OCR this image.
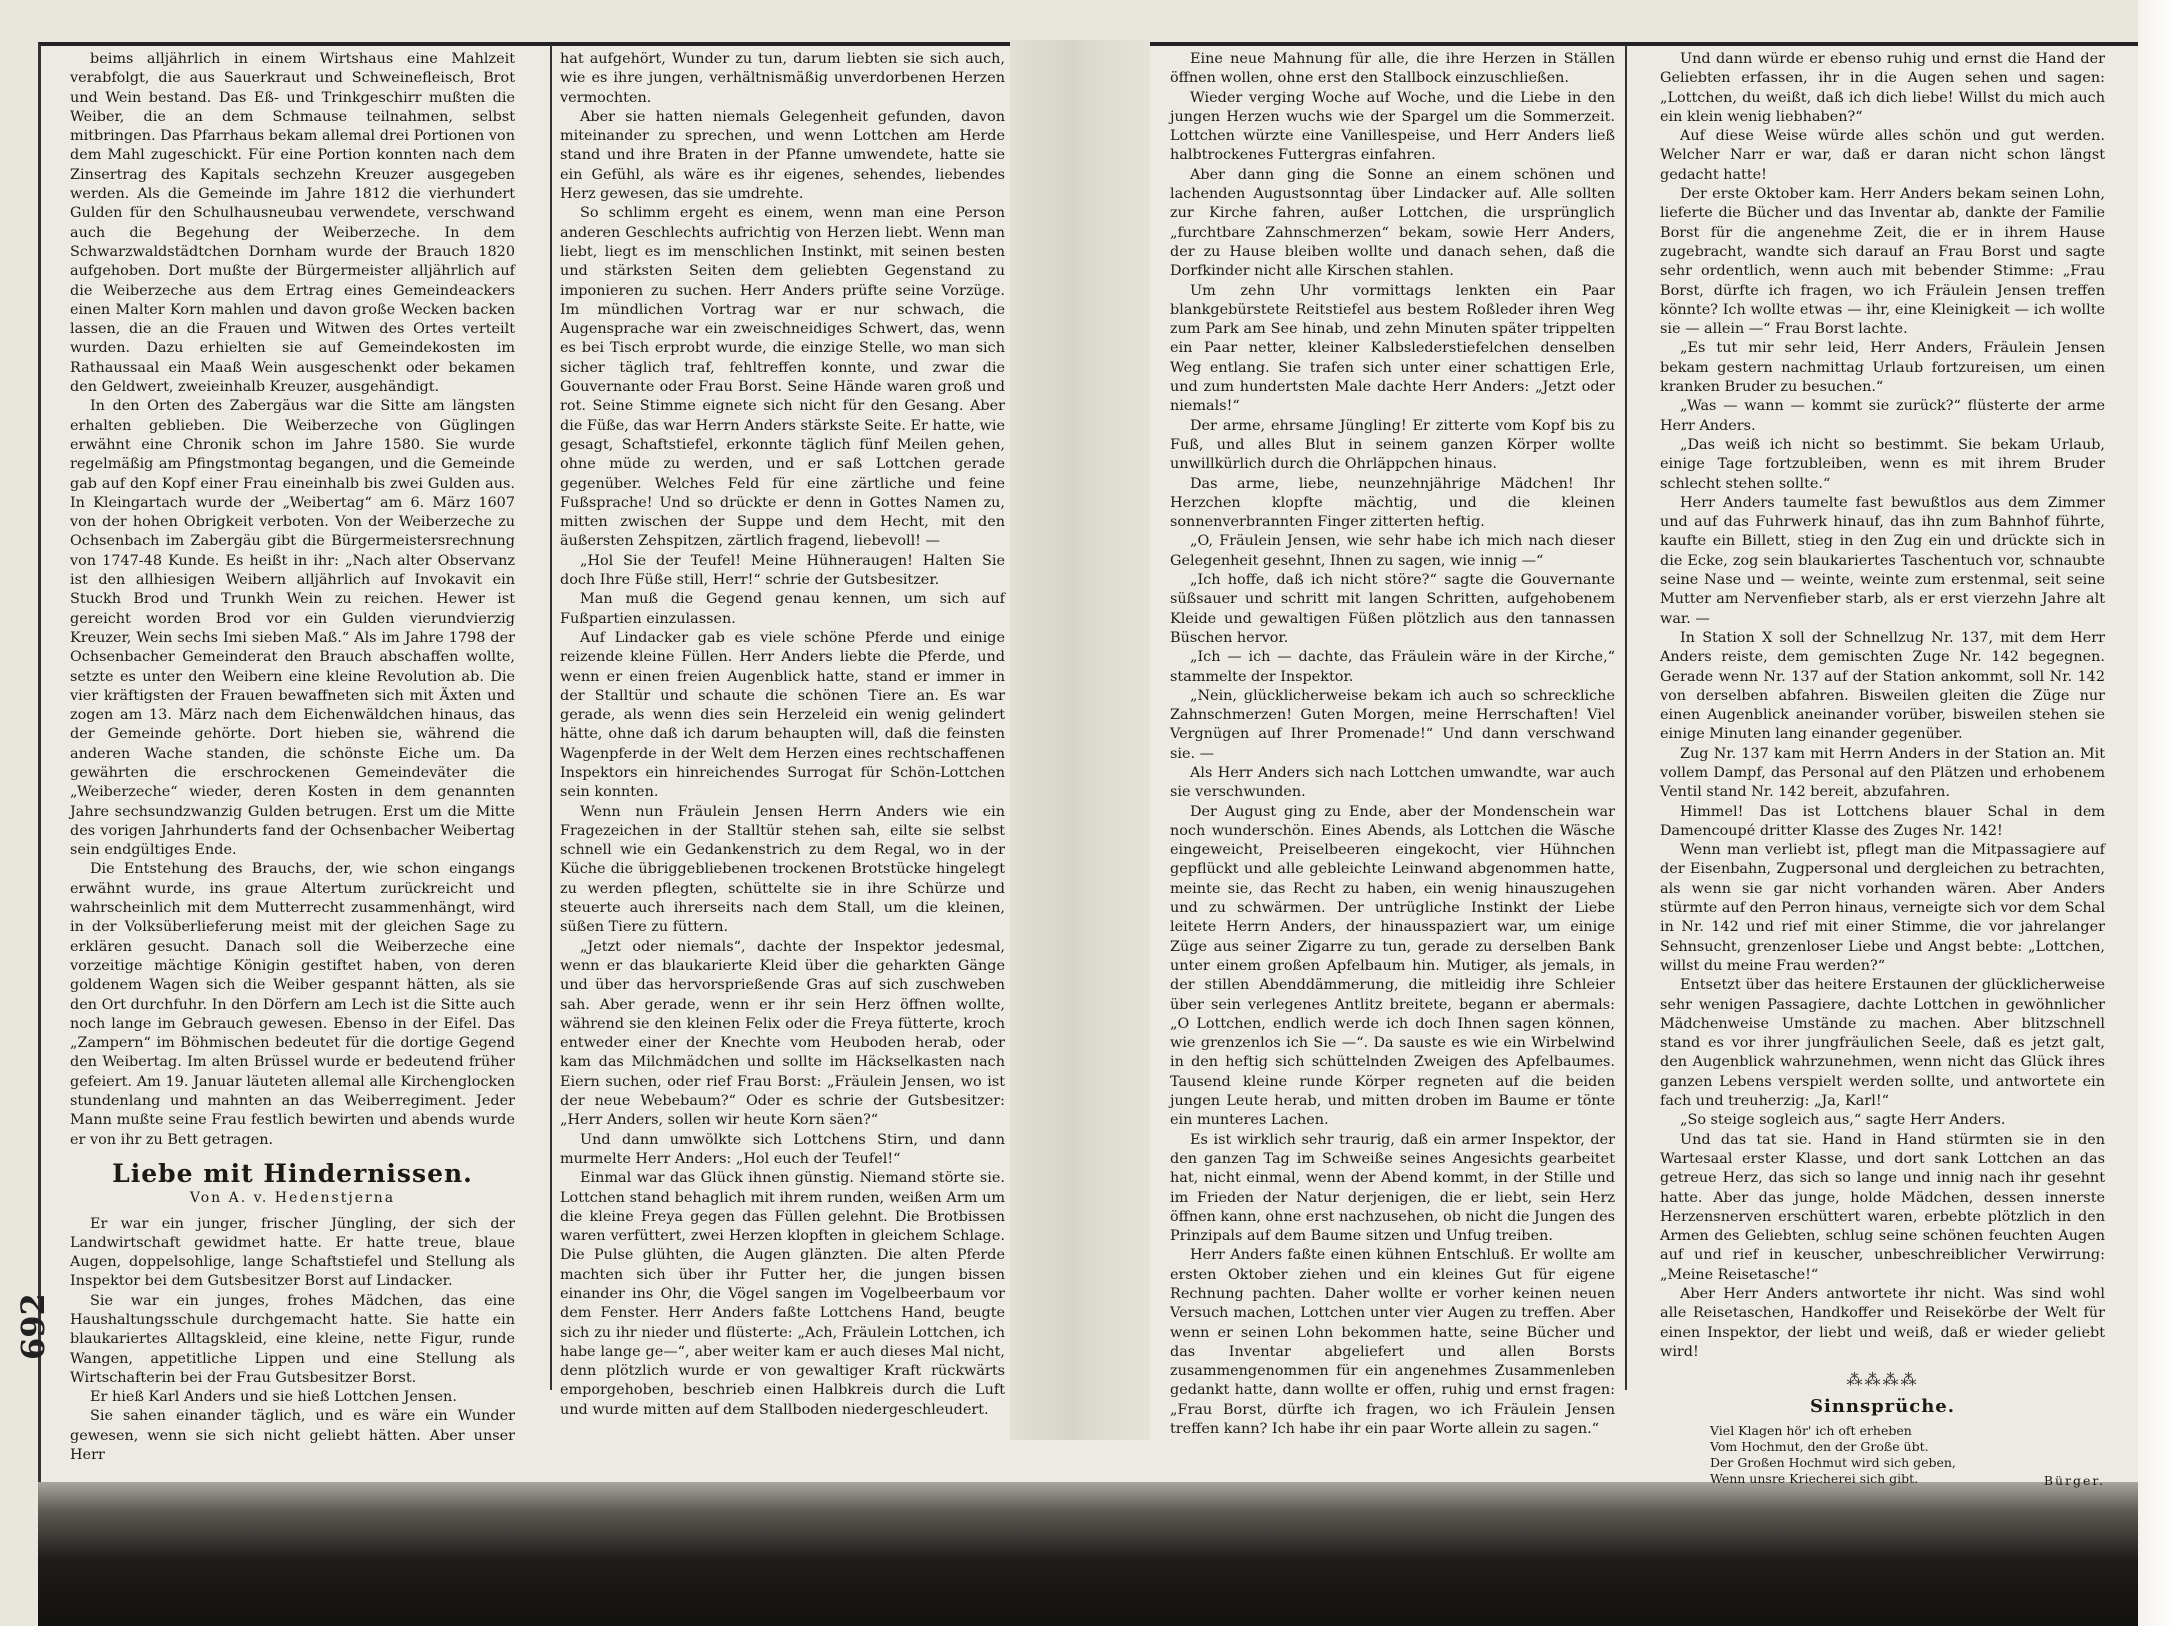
692

beims alljährlich in einem Wirtshaus eine Mahlzeit verabfolgt, die aus Sauerkraut und Schweinefleisch, Brot und Wein bestand. Das Eß- und Trinkgeschirr mußten die Weiber, die an dem Schmause teilnahmen, selbst mitbringen. Das Pfarrhaus bekam allemal drei Portionen von dem Mahl zugeschickt. Für eine Portion konnten nach dem Zinsertrag des Kapitals sechzehn Kreuzer ausgegeben werden. Als die Gemeinde im Jahre 1812 die vierhundert Gulden für den Schulhausneubau verwendete, verschwand auch die Begehung der Weiberzeche. In dem Schwarzwaldstädtchen Dornham wurde der Brauch 1820 aufgehoben. Dort mußte der Bürgermeister alljährlich auf die Weiberzeche aus dem Ertrag eines Gemeindeackers einen Malter Korn mahlen und davon große Wecken backen lassen, die an die Frauen und Witwen des Ortes verteilt wurden. Dazu erhielten sie auf Gemeindekosten im Rathaussaal ein Maaß Wein ausgeschenkt oder bekamen den Geldwert, zweieinhalb Kreuzer, ausgehändigt.

In den Orten des Zabergäus war die Sitte am längsten erhalten geblieben. Die Weiberzeche von Güglingen erwähnt eine Chronik schon im Jahre 1580. Sie wurde regelmäßig am Pfingstmontag begangen, und die Gemeinde gab auf den Kopf einer Frau eineinhalb bis zwei Gulden aus. In Kleingartach wurde der „Weibertag“ am 6. März 1607 von der hohen Obrigkeit verboten. Von der Weiberzeche zu Ochsenbach im Zabergäu gibt die Bürgermeistersrechnung von 1747-48 Kunde. Es heißt in ihr: „Nach alter Observanz ist den allhiesigen Weibern alljährlich auf Invokavit ein Stuckh Brod und Trunkh Wein zu reichen. Hewer ist gereicht worden Brod vor ein Gulden vierundvierzig Kreuzer, Wein sechs Imi sieben Maß.“ Als im Jahre 1798 der Ochsenbacher Gemeinderat den Brauch abschaffen wollte, setzte es unter den Weibern eine kleine Revolution ab. Die vier kräftigsten der Frauen bewaffneten sich mit Äxten und zogen am 13. März nach dem Eichenwäldchen hinaus, das der Gemeinde gehörte. Dort hieben sie, während die anderen Wache standen, die schönste Eiche um. Da gewährten die erschrockenen Gemeindeväter die „Weiberzeche“ wieder, deren Kosten in dem genannten Jahre sechsundzwanzig Gulden betrugen. Erst um die Mitte des vorigen Jahrhunderts fand der Ochsenbacher Weibertag sein endgültiges Ende.

Die Entstehung des Brauchs, der, wie schon eingangs erwähnt wurde, ins graue Altertum zurückreicht und wahrscheinlich mit dem Mutterrecht zusammenhängt, wird in der Volksüberlieferung meist mit der gleichen Sage zu erklären gesucht. Danach soll die Weiberzeche eine vorzeitige mächtige Königin gestiftet haben, von deren goldenem Wagen sich die Weiber gespannt hätten, als sie den Ort durchfuhr. In den Dörfern am Lech ist die Sitte auch noch lange im Gebrauch gewesen. Ebenso in der Eifel. Das „Zampern“ im Böhmischen bedeutet für die dortige Gegend den Weibertag. Im alten Brüssel wurde er bedeutend früher gefeiert. Am 19. Januar läuteten allemal alle Kirchenglocken stundenlang und mahnten an das Weiberregiment. Jeder Mann mußte seine Frau festlich bewirten und abends wurde er von ihr zu Bett getragen.

Liebe mit Hindernissen.
Von A. v. Hedenstjerna

Er war ein junger, frischer Jüngling, der sich der Landwirtschaft gewidmet hatte. Er hatte treue, blaue Augen, doppelsohlige, lange Schaftstiefel und Stellung als Inspektor bei dem Gutsbesitzer Borst auf Lindacker.

Sie war ein junges, frohes Mädchen, das eine Haushaltungsschule durchgemacht hatte. Sie hatte ein blaukariertes Alltagskleid, eine kleine, nette Figur, runde Wangen, appetitliche Lippen und eine Stellung als Wirtschafterin bei der Frau Gutsbesitzer Borst.

Er hieß Karl Anders und sie hieß Lottchen Jensen.

Sie sahen einander täglich, und es wäre ein Wunder gewesen, wenn sie sich nicht geliebt hätten. Aber unser Herr

hat aufgehört, Wunder zu tun, darum liebten sie sich auch, wie es ihre jungen, verhältnismäßig unverdorbenen Herzen vermochten.

Aber sie hatten niemals Gelegenheit gefunden, davon miteinander zu sprechen, und wenn Lottchen am Herde stand und ihre Braten in der Pfanne umwendete, hatte sie ein Gefühl, als wäre es ihr eigenes, sehendes, liebendes Herz gewesen, das sie umdrehte.

So schlimm ergeht es einem, wenn man eine Person anderen Geschlechts aufrichtig von Herzen liebt. Wenn man liebt, liegt es im menschlichen Instinkt, mit seinen besten und stärksten Seiten dem geliebten Gegenstand zu imponieren zu suchen. Herr Anders prüfte seine Vorzüge. Im mündlichen Vortrag war er nur schwach, die Augensprache war ein zweischneidiges Schwert, das, wenn es bei Tisch erprobt wurde, die einzige Stelle, wo man sich sicher täglich traf, fehltreffen konnte, und zwar die Gouvernante oder Frau Borst. Seine Hände waren groß und rot. Seine Stimme eignete sich nicht für den Gesang. Aber die Füße, das war Herrn Anders stärkste Seite. Er hatte, wie gesagt, Schaftstiefel, erkonnte täglich fünf Meilen gehen, ohne müde zu werden, und er saß Lottchen gerade gegenüber. Welches Feld für eine zärtliche und feine Fußsprache! Und so drückte er denn in Gottes Namen zu, mitten zwischen der Suppe und dem Hecht, mit den äußersten Zehspitzen, zärtlich fragend, liebevoll! —

„Hol Sie der Teufel! Meine Hühneraugen! Halten Sie doch Ihre Füße still, Herr!“ schrie der Gutsbesitzer.

Man muß die Gegend genau kennen, um sich auf Fußpartien einzulassen.

Auf Lindacker gab es viele schöne Pferde und einige reizende kleine Füllen. Herr Anders liebte die Pferde, und wenn er einen freien Augenblick hatte, stand er immer in der Stalltür und schaute die schönen Tiere an. Es war gerade, als wenn dies sein Herzeleid ein wenig gelindert hätte, ohne daß ich darum behaupten will, daß die feinsten Wagenpferde in der Welt dem Herzen eines rechtschaffenen Inspektors ein hinreichendes Surrogat für Schön-Lottchen sein konnten.

Wenn nun Fräulein Jensen Herrn Anders wie ein Fragezeichen in der Stalltür stehen sah, eilte sie selbst schnell wie ein Gedankenstrich zu dem Regal, wo in der Küche die übriggebliebenen trockenen Brotstücke hingelegt zu werden pflegten, schüttelte sie in ihre Schürze und steuerte auch ihrerseits nach dem Stall, um die kleinen, süßen Tiere zu füttern.

„Jetzt oder niemals“, dachte der Inspektor jedesmal, wenn er das blaukarierte Kleid über die geharkten Gänge und über das hervorsprießende Gras auf sich zuschweben sah. Aber gerade, wenn er ihr sein Herz öffnen wollte, während sie den kleinen Felix oder die Freya fütterte, kroch entweder einer der Knechte vom Heuboden herab, oder kam das Milchmädchen und sollte im Häckselkasten nach Eiern suchen, oder rief Frau Borst: „Fräulein Jensen, wo ist der neue Webebaum?“ Oder es schrie der Gutsbesitzer: „Herr Anders, sollen wir heute Korn säen?“

Und dann umwölkte sich Lottchens Stirn, und dann murmelte Herr Anders: „Hol euch der Teufel!“

Einmal war das Glück ihnen günstig. Niemand störte sie. Lottchen stand behaglich mit ihrem runden, weißen Arm um die kleine Freya gegen das Füllen gelehnt. Die Brotbissen waren verfüttert, zwei Herzen klopften in gleichem Schlage. Die Pulse glühten, die Augen glänzten. Die alten Pferde machten sich über ihr Futter her, die jungen bissen einander ins Ohr, die Vögel sangen im Vogelbeerbaum vor dem Fenster. Herr Anders faßte Lottchens Hand, beugte sich zu ihr nieder und flüsterte: „Ach, Fräulein Lottchen, ich habe lange ge—“, aber weiter kam er auch dieses Mal nicht, denn plötzlich wurde er von gewaltiger Kraft rückwärts emporgehoben, beschrieb einen Halbkreis durch die Luft und wurde mitten auf dem Stallboden niedergeschleudert.

Eine neue Mahnung für alle, die ihre Herzen in Ställen öffnen wollen, ohne erst den Stallbock einzuschließen.

Wieder verging Woche auf Woche, und die Liebe in den jungen Herzen wuchs wie der Spargel um die Sommerzeit. Lottchen würzte eine Vanillespeise, und Herr Anders ließ halbtrockenes Futtergras einfahren.

Aber dann ging die Sonne an einem schönen und lachenden Augustsonntag über Lindacker auf. Alle sollten zur Kirche fahren, außer Lottchen, die ursprünglich „furchtbare Zahnschmerzen“ bekam, sowie Herr Anders, der zu Hause bleiben wollte und danach sehen, daß die Dorfkinder nicht alle Kirschen stahlen.

Um zehn Uhr vormittags lenkten ein Paar blankgebürstete Reitstiefel aus bestem Roßleder ihren Weg zum Park am See hinab, und zehn Minuten später trippelten ein Paar netter, kleiner Kalbslederstiefelchen denselben Weg entlang. Sie trafen sich unter einer schattigen Erle, und zum hundertsten Male dachte Herr Anders: „Jetzt oder niemals!“

Der arme, ehrsame Jüngling! Er zitterte vom Kopf bis zu Fuß, und alles Blut in seinem ganzen Körper wollte unwillkürlich durch die Ohrläppchen hinaus.

Das arme, liebe, neunzehnjährige Mädchen! Ihr Herzchen klopfte mächtig, und die kleinen sonnenverbrannten Finger zitterten heftig.

„O, Fräulein Jensen, wie sehr habe ich mich nach dieser Gelegenheit gesehnt, Ihnen zu sagen, wie innig —“

„Ich hoffe, daß ich nicht störe?“ sagte die Gouvernante süßsauer und schritt mit langen Schritten, aufgehobenem Kleide und gewaltigen Füßen plötzlich aus den tannassen Büschen hervor.

„Ich — ich — dachte, das Fräulein wäre in der Kirche,“ stammelte der Inspektor.

„Nein, glücklicherweise bekam ich auch so schreckliche Zahnschmerzen! Guten Morgen, meine Herrschaften! Viel Vergnügen auf Ihrer Promenade!“ Und dann verschwand sie. —

Als Herr Anders sich nach Lottchen umwandte, war auch sie verschwunden.

Der August ging zu Ende, aber der Mondenschein war noch wunderschön. Eines Abends, als Lottchen die Wäsche eingeweicht, Preiselbeeren eingekocht, vier Hühnchen gepflückt und alle gebleichte Leinwand abgenommen hatte, meinte sie, das Recht zu haben, ein wenig hinauszugehen und zu schwärmen. Der untrügliche Instinkt der Liebe leitete Herrn Anders, der hinausspaziert war, um einige Züge aus seiner Zigarre zu tun, gerade zu derselben Bank unter einem großen Apfelbaum hin. Mutiger, als jemals, in der stillen Abenddämmerung, die mitleidig ihre Schleier über sein verlegenes Antlitz breitete, begann er abermals: „O Lottchen, endlich werde ich doch Ihnen sagen können, wie grenzenlos ich Sie —“. Da sauste es wie ein Wirbelwind in den heftig sich schüttelnden Zweigen des Apfelbaumes. Tausend kleine runde Körper regneten auf die beiden jungen Leute herab, und mitten droben im Baume er tönte ein munteres Lachen.

Es ist wirklich sehr traurig, daß ein armer Inspektor, der den ganzen Tag im Schweiße seines Angesichts gearbeitet hat, nicht einmal, wenn der Abend kommt, in der Stille und im Frieden der Natur derjenigen, die er liebt, sein Herz öffnen kann, ohne erst nachzusehen, ob nicht die Jungen des Prinzipals auf dem Baume sitzen und Unfug treiben.

Herr Anders faßte einen kühnen Entschluß. Er wollte am ersten Oktober ziehen und ein kleines Gut für eigene Rechnung pachten. Daher wollte er vorher keinen neuen Versuch machen, Lottchen unter vier Augen zu treffen. Aber wenn er seinen Lohn bekommen hatte, seine Bücher und das Inventar abgeliefert und allen Borsts zusammengenommen für ein angenehmes Zusammenleben gedankt hatte, dann wollte er offen, ruhig und ernst fragen: „Frau Borst, dürfte ich fragen, wo ich Fräulein Jensen treffen kann? Ich habe ihr ein paar Worte allein zu sagen.“

Und dann würde er ebenso ruhig und ernst die Hand der Geliebten erfassen, ihr in die Augen sehen und sagen: „Lottchen, du weißt, daß ich dich liebe! Willst du mich auch ein klein wenig liebhaben?“

Auf diese Weise würde alles schön und gut werden. Welcher Narr er war, daß er daran nicht schon längst gedacht hatte!

Der erste Oktober kam. Herr Anders bekam seinen Lohn, lieferte die Bücher und das Inventar ab, dankte der Familie Borst für die angenehme Zeit, die er in ihrem Hause zugebracht, wandte sich darauf an Frau Borst und sagte sehr ordentlich, wenn auch mit bebender Stimme: „Frau Borst, dürfte ich fragen, wo ich Fräulein Jensen treffen könnte? Ich wollte etwas — ihr, eine Kleinigkeit — ich wollte sie — allein —“ Frau Borst lachte.

„Es tut mir sehr leid, Herr Anders, Fräulein Jensen bekam gestern nachmittag Urlaub fortzureisen, um einen kranken Bruder zu besuchen.“

„Was — wann — kommt sie zurück?“ flüsterte der arme Herr Anders.

„Das weiß ich nicht so bestimmt. Sie bekam Urlaub, einige Tage fortzubleiben, wenn es mit ihrem Bruder schlecht stehen sollte.“

Herr Anders taumelte fast bewußtlos aus dem Zimmer und auf das Fuhrwerk hinauf, das ihn zum Bahnhof führte, kaufte ein Billett, stieg in den Zug ein und drückte sich in die Ecke, zog sein blaukariertes Taschentuch vor, schnaubte seine Nase und — weinte, weinte zum erstenmal, seit seine Mutter am Nervenfieber starb, als er erst vierzehn Jahre alt war. —

In Station X soll der Schnellzug Nr. 137, mit dem Herr Anders reiste, dem gemischten Zuge Nr. 142 begegnen. Gerade wenn Nr. 137 auf der Station ankommt, soll Nr. 142 von derselben abfahren. Bisweilen gleiten die Züge nur einen Augenblick aneinander vorüber, bisweilen stehen sie einige Minuten lang einander gegenüber.

Zug Nr. 137 kam mit Herrn Anders in der Station an. Mit vollem Dampf, das Personal auf den Plätzen und erhobenem Ventil stand Nr. 142 bereit, abzufahren.

Himmel! Das ist Lottchens blauer Schal in dem Damencoupé dritter Klasse des Zuges Nr. 142!

Wenn man verliebt ist, pflegt man die Mitpassagiere auf der Eisenbahn, Zugpersonal und dergleichen zu betrachten, als wenn sie gar nicht vorhanden wären. Aber Anders stürmte auf den Perron hinaus, verneigte sich vor dem Schal in Nr. 142 und rief mit einer Stimme, die vor jahrelanger Sehnsucht, grenzenloser Liebe und Angst bebte: „Lottchen, willst du meine Frau werden?“

Entsetzt über das heitere Erstaunen der glücklicherweise sehr wenigen Passagiere, dachte Lottchen in gewöhnlicher Mädchenweise Umstände zu machen. Aber blitzschnell stand es vor ihrer jungfräulichen Seele, daß es jetzt galt, den Augenblick wahrzunehmen, wenn nicht das Glück ihres ganzen Lebens verspielt werden sollte, und antwortete ein fach und treuherzig: „Ja, Karl!“

„So steige sogleich aus,“ sagte Herr Anders.

Und das tat sie. Hand in Hand stürmten sie in den Wartesaal erster Klasse, und dort sank Lottchen an das getreue Herz, das sich so lange und innig nach ihr gesehnt hatte. Aber das junge, holde Mädchen, dessen innerste Herzensnerven erschüttert waren, erbebte plötzlich in den Armen des Geliebten, schlug seine schönen feuchten Augen auf und rief in keuscher, unbeschreiblicher Verwirrung: „Meine Reisetasche!“

Aber Herr Anders antwortete ihr nicht. Was sind wohl alle Reisetaschen, Handkoffer und Reisekörbe der Welt für einen Inspektor, der liebt und weiß, daß er wieder geliebt wird!

⁂⁂⁂⁂
Sinnsprüche.
Viel Klagen hör' ich oft erheben
Vom Hochmut, den der Große übt.
Der Großen Hochmut wird sich geben,
Wenn unsre Kriecherei sich gibt.	Bürger.
